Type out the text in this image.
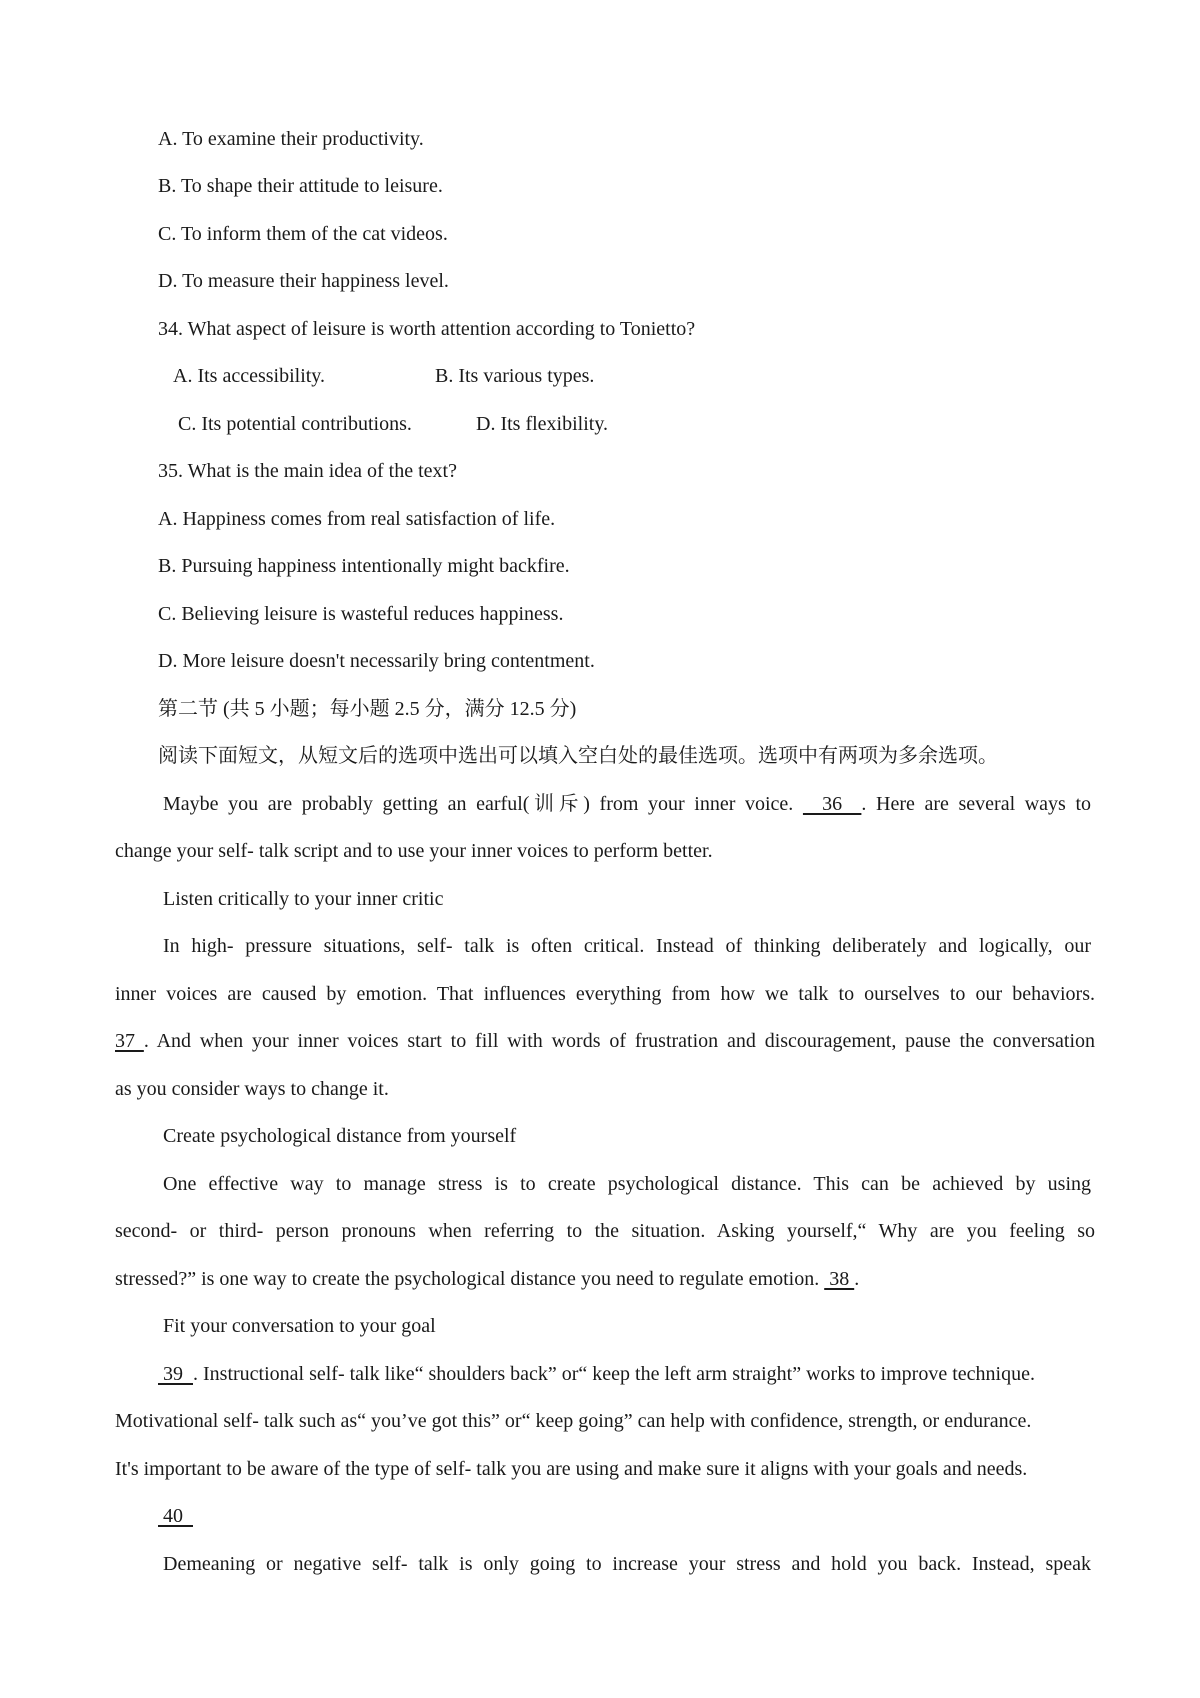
A. To examine their productivity.
B. To shape their attitude to leisure.
C. To inform them of the cat videos.
D. To measure their happiness level.
34. What aspect of leisure is worth attention according to Tonietto?
A. Its accessibility.	B. Its various types.
C. Its potential contributions.	D. Its flexibility.
35. What is the main idea of the text?
A. Happiness comes from real satisfaction of life.
B. Pursuing happiness intentionally might backfire.
C. Believing leisure is wasteful reduces happiness.
D. More leisure doesn't necessarily bring contentment.
第二节 (共 5 小题；每小题 2.5 分，满分 12.5 分)
阅读下面短文，从短文后的选项中选出可以填入空白处的最佳选项。选项中有两项为多余选项。
Maybe you are probably getting an earful(训斥) from your inner voice.   36  . Here are several ways to
change your self- talk script and to use your inner voices to perform better.
Listen critically to your inner critic
In high- pressure situations, self- talk is often critical. Instead of thinking deliberately and logically, our
inner voices are caused by emotion. That influences everything from how we talk to ourselves to our behaviors.
37 . And when your inner voices start to fill with words of frustration and discouragement, pause the conversation
as you consider ways to change it.
Create psychological distance from yourself
One effective way to manage stress is to create psychological distance. This can be achieved by using
second- or third- person pronouns when referring to the situation. Asking yourself,“ Why are you feeling so
stressed?” is one way to create the psychological distance you need to regulate emotion.  38 .
Fit your conversation to your goal
39  . Instructional self- talk like“ shoulders back” or“ keep the left arm straight” works to improve technique.
Motivational self- talk such as“ you’ve got this” or“ keep going” can help with confidence, strength, or endurance.
It's important to be aware of the type of self- talk you are using and make sure it aligns with your goals and needs.
40
Demeaning or negative self- talk is only going to increase your stress and hold you back. Instead, speak
